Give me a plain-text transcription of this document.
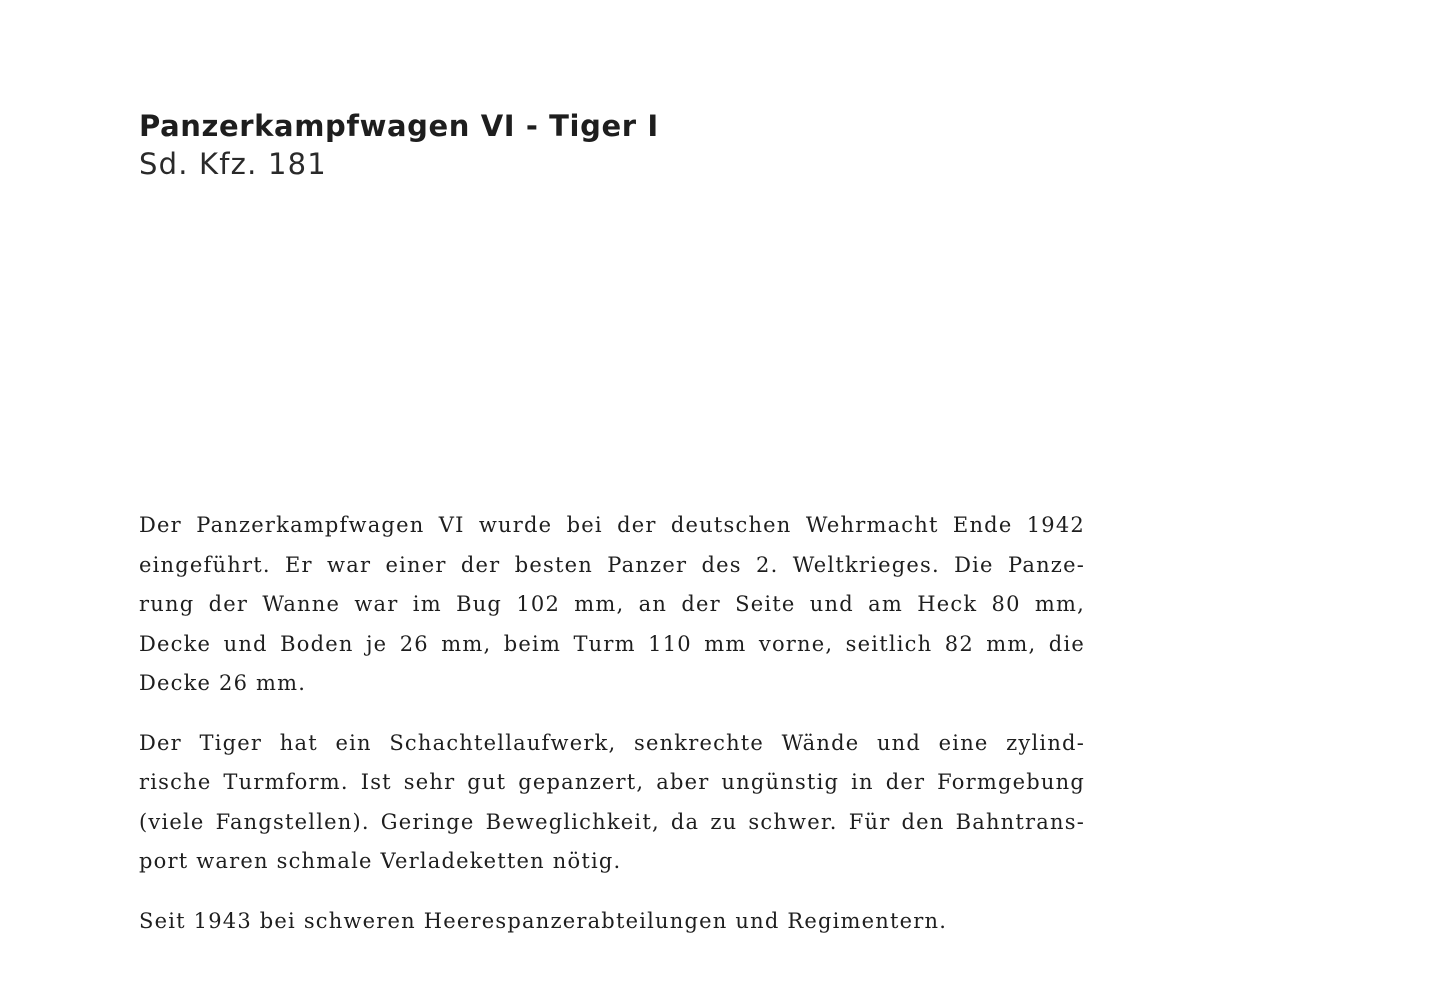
Panzerkampfwagen VI - Tiger I
Sd. Kfz. 181

Der Panzerkampfwagen VI wurde bei der deutschen Wehrmacht Ende 1942
eingeführt. Er war einer der besten Panzer des 2. Weltkrieges. Die Panze-
rung der Wanne war im Bug 102 mm, an der Seite und am Heck 80 mm,
Decke und Boden je 26 mm, beim Turm 110 mm vorne, seitlich 82 mm, die
Decke 26 mm.

Der Tiger hat ein Schachtellaufwerk, senkrechte Wände und eine zylind-
rische Turmform. Ist sehr gut gepanzert, aber ungünstig in der Formgebung
(viele Fangstellen). Geringe Beweglichkeit, da zu schwer. Für den Bahntrans-
port waren schmale Verladeketten nötig.

Seit 1943 bei schweren Heerespanzerabteilungen und Regimentern.
